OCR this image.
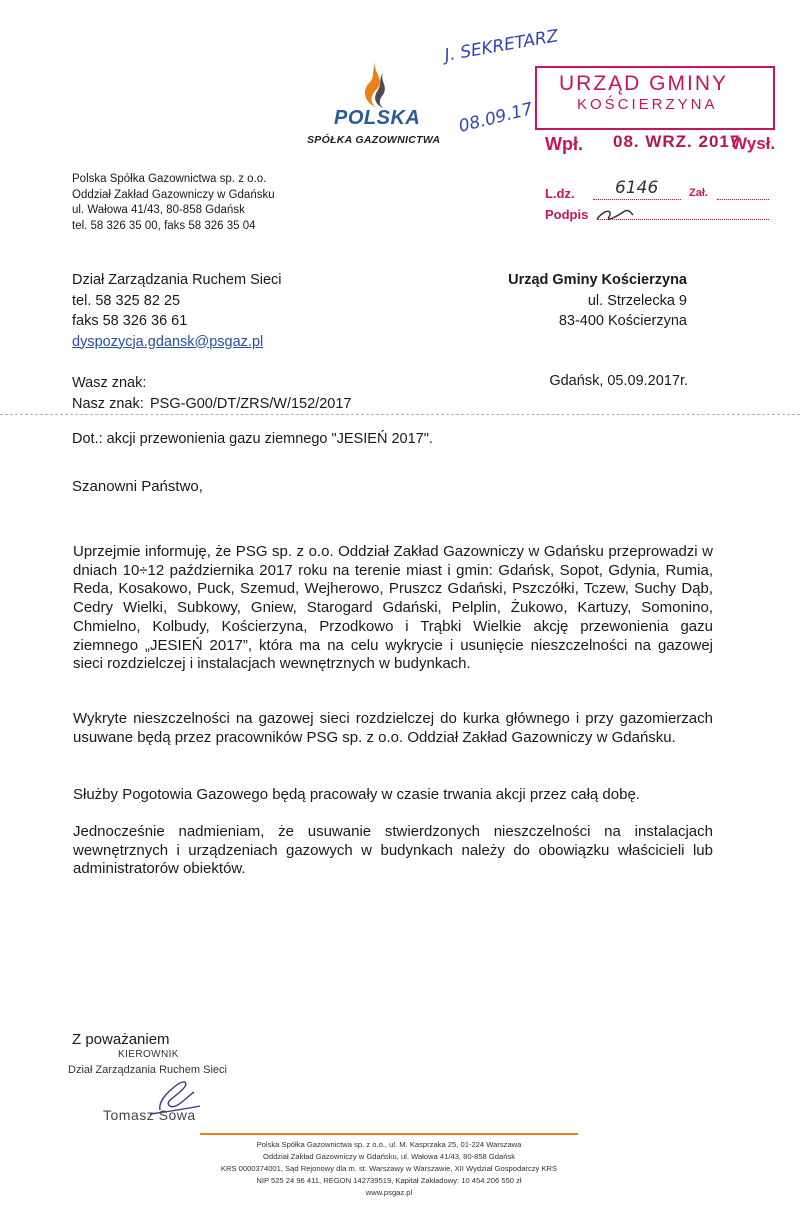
POLSKA
SPÓŁKA GAZOWNICTWA
J. SEKRETARZ
08.09.17
URZĄD GMINY
KOŚCIERZYNA
Wpł. 08. WRZ. 2017
Wysł.
L.dz. 6146	Zał.
Podpis
Polska Spółka Gazownictwa sp. z o.o.
Oddział Zakład Gazowniczy w Gdańsku
ul. Wałowa 41/43, 80-858 Gdańsk
tel. 58 326 35 00, faks 58 326 35 04
Dział Zarządzania Ruchem Sieci
tel. 58 325 82 25
faks 58 326 36 61
dyspozycja.gdansk@psgaz.pl
Urząd Gminy Kościerzyna
ul. Strzelecka 9
83-400 Kościerzyna
Wasz znak:
Nasz znak: PSG-G00/DT/ZRS/W/152/2017
Gdańsk, 05.09.2017r.
Dot.: akcji przewonienia gazu ziemnego "JESIEŃ 2017".
Szanowni Państwo,
Uprzejmie informuję, że PSG sp. z o.o. Oddział Zakład Gazowniczy w Gdańsku przeprowadzi w dniach 10÷12 października 2017 roku na terenie miast i gmin: Gdańsk, Sopot, Gdynia, Rumia, Reda, Kosakowo, Puck, Szemud, Wejherowo, Pruszcz Gdański, Pszczółki, Tczew, Suchy Dąb, Cedry Wielki, Subkowy, Gniew, Starogard Gdański, Pelplin, Żukowo, Kartuzy, Somonino, Chmielno, Kolbudy, Kościerzyna, Przodkowo i Trąbki Wielkie akcję przewonienia gazu ziemnego „JESIEŃ 2017”, która ma na celu wykrycie i usunięcie nieszczelności na gazowej sieci rozdzielczej i instalacjach wewnętrznych w budynkach.
Wykryte nieszczelności na gazowej sieci rozdzielczej do kurka głównego i przy gazomierzach usuwane będą przez pracowników PSG sp. z o.o. Oddział Zakład Gazowniczy w Gdańsku.
Służby Pogotowia Gazowego będą pracowały w czasie trwania akcji przez całą dobę.
Jednocześnie nadmieniam, że usuwanie stwierdzonych nieszczelności na instalacjach wewnętrznych i urządzeniach gazowych w budynkach należy do obowiązku właścicieli lub administratorów obiektów.
Z poważaniem
KIEROWNIK
Dział Zarządzania Ruchem Sieci
Tomasz Sowa
Polska Spółka Gazownictwa sp. z o.o., ul. M. Kasprzaka 25, 01-224 Warszawa
Oddział Zakład Gazowniczy w Gdańsku, ul. Wałowa 41/43, 80-858 Gdańsk
KRS 0000374001, Sąd Rejonowy dla m. st. Warszawy w Warszawie, XII Wydział Gospodarczy KRS
NIP 525 24 96 411, REGON 142739519, Kapitał Zakładowy: 10 454 206 550 zł
www.psgaz.pl
